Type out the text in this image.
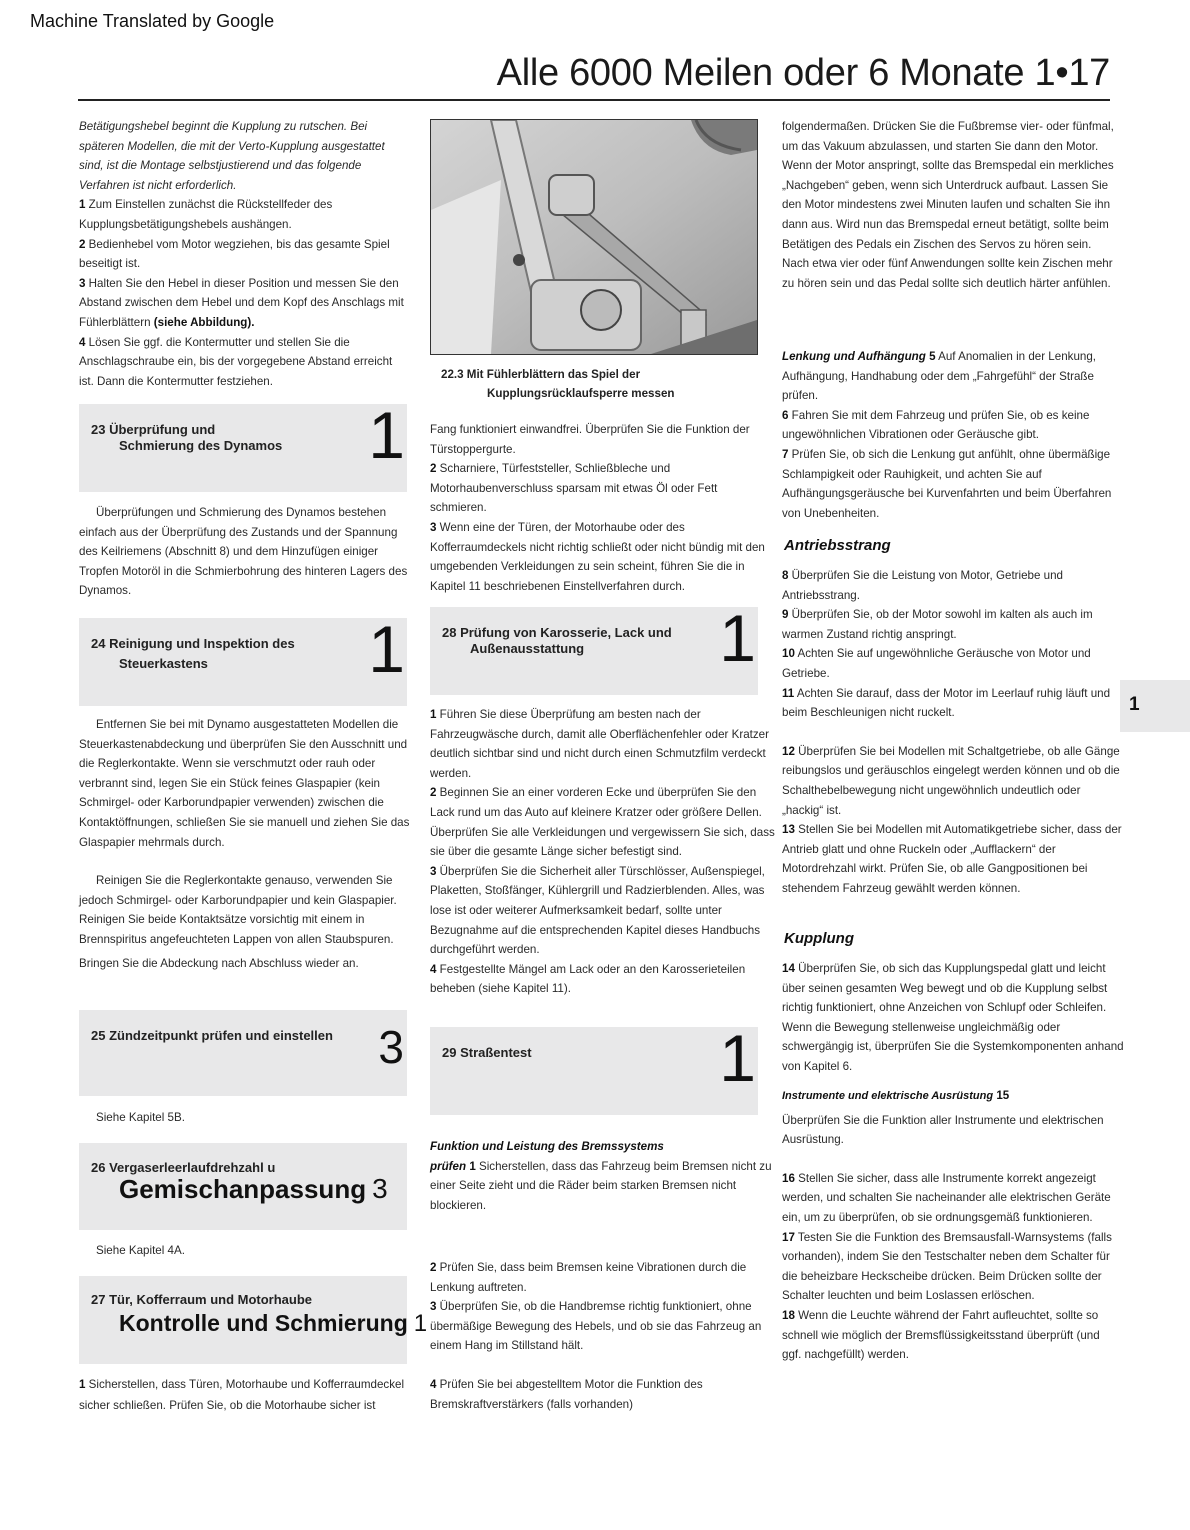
Machine Translated by Google
Alle 6000 Meilen oder 6 Monate 1•17

Betätigungshebel beginnt die Kupplung zu rutschen. Bei späteren Modellen, die mit der Verto-Kupplung ausgestattet sind, ist die Montage selbstjustierend und das folgende Verfahren ist nicht erforderlich.

1 Zum Einstellen zunächst die Rückstellfeder des Kupplungsbetätigungshebels aushängen.

2 Bedienhebel vom Motor wegziehen, bis das gesamte Spiel beseitigt ist.

3 Halten Sie den Hebel in dieser Position und messen Sie den Abstand zwischen dem Hebel und dem Kopf des Anschlags mit Fühlerblättern (siehe Abbildung).

4 Lösen Sie ggf. die Kontermutter und stellen Sie die Anschlagschraube ein, bis der vorgegebene Abstand erreicht ist. Dann die Kontermutter festziehen.

23 Überprüfung und
Schmierung des Dynamos 1
Überprüfungen und Schmierung des Dynamos bestehen einfach aus der Überprüfung des Zustands und der Spannung des Keilriemens (Abschnitt 8) und dem Hinzufügen einiger Tropfen Motoröl in die Schmierbohrung des hinteren Lagers des Dynamos.
24 Reinigung und Inspektion des
Steuerkastens	1

Entfernen Sie bei mit Dynamo ausgestatteten Modellen die Steuerkastenabdeckung und überprüfen Sie den Ausschnitt und die Reglerkontakte. Wenn sie verschmutzt oder rauh oder verbrannt sind, legen Sie ein Stück feines Glaspapier (kein Schmirgel- oder Karborundpapier verwenden) zwischen die Kontaktöffnungen, schließen Sie sie manuell und ziehen Sie das Glaspapier mehrmals durch.

Reinigen Sie die Reglerkontakte genauso, verwenden Sie jedoch Schmirgel- oder Karborundpapier und kein Glaspapier. Reinigen Sie beide Kontaktsätze vorsichtig mit einem in Brennspiritus angefeuchteten Lappen von allen Staubspuren.

Bringen Sie die Abdeckung nach Abschluss wieder an.

25 Zündzeitpunkt prüfen und einstellen 3
Siehe Kapitel 5B.
26 Vergaserleerlaufdrehzahl u
Gemischanpassung 3
Siehe Kapitel 4A.
27 Tür, Kofferraum und Motorhaube
Kontrolle und Schmierung 1

1 Sicherstellen, dass Türen, Motorhaube und Kofferraumdeckel sicher schließen. Prüfen Sie, ob die Motorhaube sicher ist

22.3 Mit Fühlerblättern das Spiel der
Kupplungsrücklaufsperre messen

Fang funktioniert einwandfrei. Überprüfen Sie die Funktion der Türstoppergurte.

2 Scharniere, Türfeststeller, Schließbleche und Motorhaubenverschluss sparsam mit etwas Öl oder Fett schmieren.

3 Wenn eine der Türen, der Motorhaube oder des Kofferraumdeckels nicht richtig schließt oder nicht bündig mit den umgebenden Verkleidungen zu sein scheint, führen Sie die in Kapitel 11 beschriebenen Einstellverfahren durch.

28 Prüfung von Karosserie, Lack und
Außenausstattung	1

1 Führen Sie diese Überprüfung am besten nach der Fahrzeugwäsche durch, damit alle Oberflächenfehler oder Kratzer deutlich sichtbar sind und nicht durch einen Schmutzfilm verdeckt werden.

2 Beginnen Sie an einer vorderen Ecke und überprüfen Sie den Lack rund um das Auto auf kleinere Kratzer oder größere Dellen. Überprüfen Sie alle Verkleidungen und vergewissern Sie sich, dass sie über die gesamte Länge sicher befestigt sind.

3 Überprüfen Sie die Sicherheit aller Türschlösser, Außenspiegel, Plaketten, Stoßfänger, Kühlergrill und Radzierblenden. Alles, was lose ist oder weiterer Aufmerksamkeit bedarf, sollte unter Bezugnahme auf die entsprechenden Kapitel dieses Handbuchs durchgeführt werden.

4 Festgestellte Mängel am Lack oder an den Karosserieteilen beheben (siehe Kapitel 11).

29 Straßentest	1

Funktion und Leistung des Bremssystems

prüfen 1 Sicherstellen, dass das Fahrzeug beim Bremsen nicht zu einer Seite zieht und die Räder beim starken Bremsen nicht blockieren.

2 Prüfen Sie, dass beim Bremsen keine Vibrationen durch die Lenkung auftreten.

3 Überprüfen Sie, ob die Handbremse richtig funktioniert, ohne übermäßige Bewegung des Hebels, und ob sie das Fahrzeug an einem Hang im Stillstand hält.

4 Prüfen Sie bei abgestelltem Motor die Funktion des Bremskraftverstärkers (falls vorhanden)

folgendermaßen. Drücken Sie die Fußbremse vier- oder fünfmal, um das Vakuum abzulassen, und starten Sie dann den Motor. Wenn der Motor anspringt, sollte das Bremspedal ein merkliches „Nachgeben“ geben, wenn sich Unterdruck aufbaut. Lassen Sie den Motor mindestens zwei Minuten laufen und schalten Sie ihn dann aus. Wird nun das Bremspedal erneut betätigt, sollte beim Betätigen des Pedals ein Zischen des Servos zu hören sein. Nach etwa vier oder fünf Anwendungen sollte kein Zischen mehr zu hören sein und das Pedal sollte sich deutlich härter anfühlen.

Lenkung und Aufhängung 5 Auf Anomalien in der Lenkung, Aufhängung, Handhabung oder dem „Fahrgefühl“ der Straße prüfen.

6 Fahren Sie mit dem Fahrzeug und prüfen Sie, ob es keine ungewöhnlichen Vibrationen oder Geräusche gibt.

7 Prüfen Sie, ob sich die Lenkung gut anfühlt, ohne übermäßige Schlampigkeit oder Rauhigkeit, und achten Sie auf Aufhängungsgeräusche bei Kurvenfahrten und beim Überfahren von Unebenheiten.

Antriebsstrang

8 Überprüfen Sie die Leistung von Motor, Getriebe und Antriebsstrang.

9 Überprüfen Sie, ob der Motor sowohl im kalten als auch im warmen Zustand richtig anspringt.

10 Achten Sie auf ungewöhnliche Geräusche von Motor und Getriebe.

11 Achten Sie darauf, dass der Motor im Leerlauf ruhig läuft und beim Beschleunigen nicht ruckelt.

12 Überprüfen Sie bei Modellen mit Schaltgetriebe, ob alle Gänge reibungslos und geräuschlos eingelegt werden können und ob die Schalthebelbewegung nicht ungewöhnlich undeutlich oder „hackig“ ist.

13 Stellen Sie bei Modellen mit Automatikgetriebe sicher, dass der Antrieb glatt und ohne Ruckeln oder „Aufflackern“ der Motordrehzahl wirkt. Prüfen Sie, ob alle Gangpositionen bei stehendem Fahrzeug gewählt werden können.

Kupplung

14 Überprüfen Sie, ob sich das Kupplungspedal glatt und leicht über seinen gesamten Weg bewegt und ob die Kupplung selbst richtig funktioniert, ohne Anzeichen von Schlupf oder Schleifen. Wenn die Bewegung stellenweise ungleichmäßig oder schwergängig ist, überprüfen Sie die Systemkomponenten anhand von Kapitel 6.

Instrumente und elektrische Ausrüstung 15

Überprüfen Sie die Funktion aller Instrumente und elektrischen Ausrüstung.

16 Stellen Sie sicher, dass alle Instrumente korrekt angezeigt werden, und schalten Sie nacheinander alle elektrischen Geräte ein, um zu überprüfen, ob sie ordnungsgemäß funktionieren.

17 Testen Sie die Funktion des Bremsausfall-Warnsystems (falls vorhanden), indem Sie den Testschalter neben dem Schalter für die beheizbare Heckscheibe drücken. Beim Drücken sollte der Schalter leuchten und beim Loslassen erlöschen.

18 Wenn die Leuchte während der Fahrt aufleuchtet, sollte so schnell wie möglich der Bremsflüssigkeitsstand überprüft (und ggf. nachgefüllt) werden.

1
